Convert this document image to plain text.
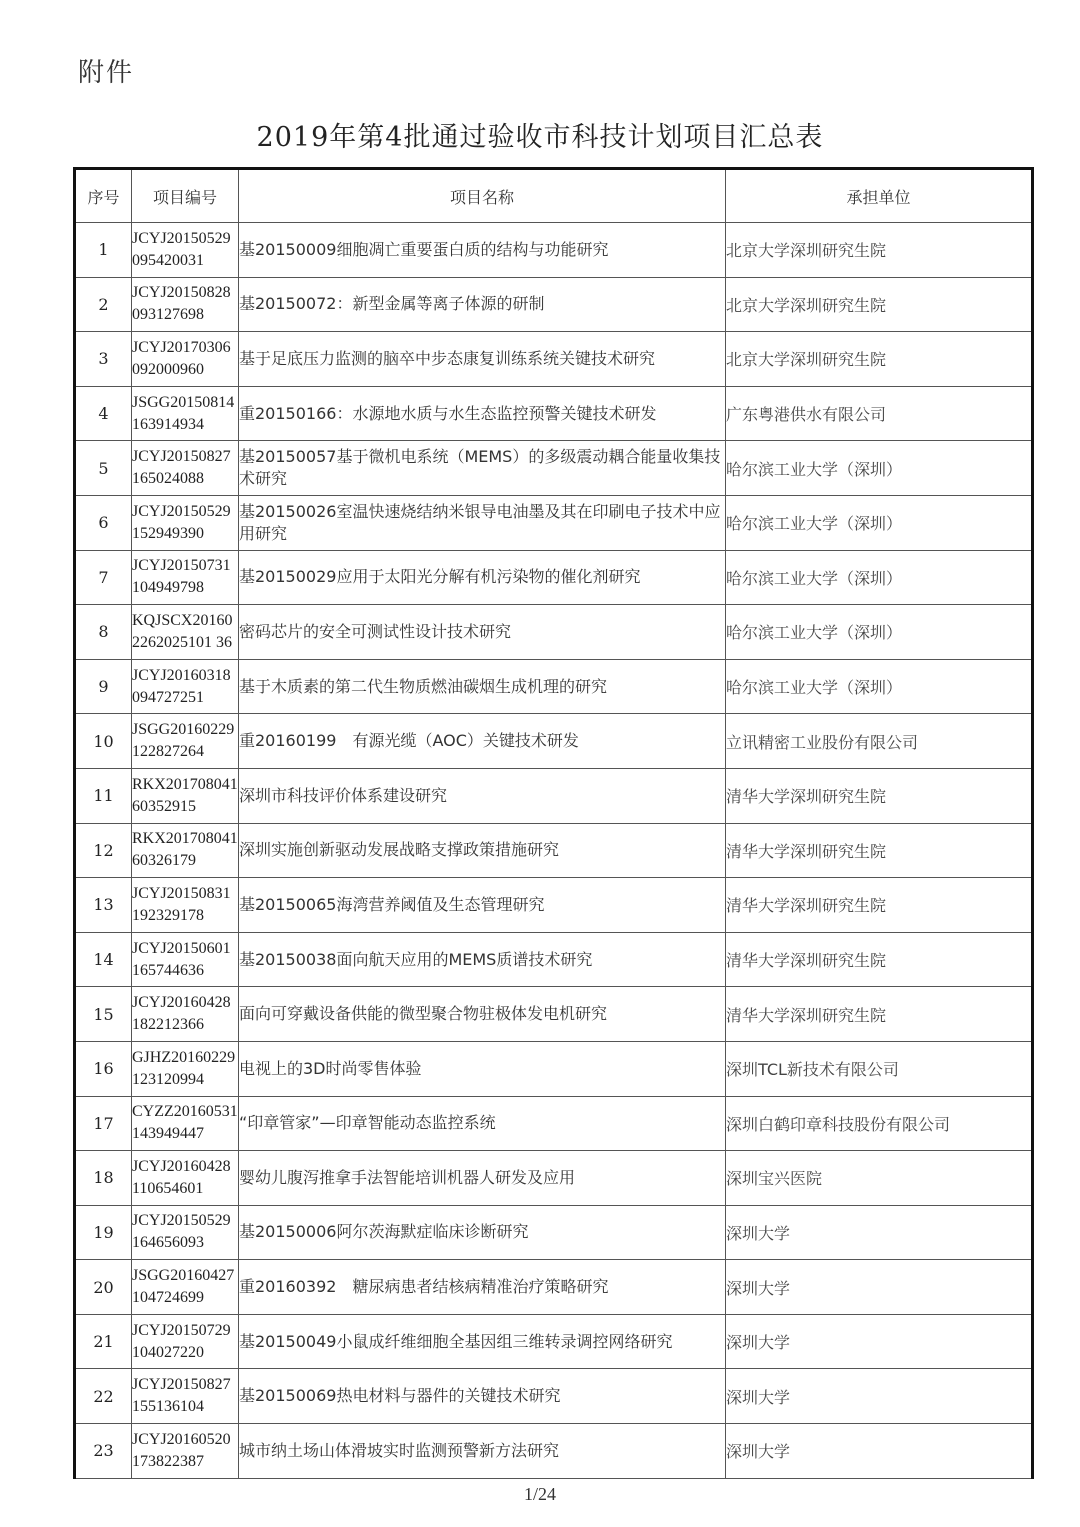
附件
2019年第4批通过验收市科技计划项目汇总表
序号	项目编号	项目名称	承担单位
1	JCYJ20150529095420031	基20150009细胞凋亡重要蛋白质的结构与功能研究	北京大学深圳研究生院
2	JCYJ20150828093127698	基20150072：新型金属等离子体源的研制	北京大学深圳研究生院
3	JCYJ20170306092000960	基于足底压力监测的脑卒中步态康复训练系统关键技术研究	北京大学深圳研究生院
4	JSGG20150814163914934	重20150166：水源地水质与水生态监控预警关键技术研发	广东粤港供水有限公司
5	JCYJ20150827165024088	基20150057基于微机电系统（MEMS）的多级震动耦合能量收集技术研究	哈尔滨工业大学（深圳）
6	JCYJ20150529152949390	基20150026室温快速烧结纳米银导电油墨及其在印刷电子技术中应用研究	哈尔滨工业大学（深圳）
7	JCYJ20150731104949798	基20150029应用于太阳光分解有机污染物的催化剂研究	哈尔滨工业大学（深圳）
8	KQJSCX201602262025101 36	密码芯片的安全可测试性设计技术研究	哈尔滨工业大学（深圳）
9	JCYJ20160318094727251	基于木质素的第二代生物质燃油碳烟生成机理的研究	哈尔滨工业大学（深圳）
10	JSGG20160229122827264	重20160199　有源光缆（AOC）关键技术研发	立讯精密工业股份有限公司
11	RKX20170804160352915	深圳市科技评价体系建设研究	清华大学深圳研究生院
12	RKX20170804160326179	深圳实施创新驱动发展战略支撑政策措施研究	清华大学深圳研究生院
13	JCYJ20150831192329178	基20150065海湾营养阈值及生态管理研究	清华大学深圳研究生院
14	JCYJ20150601165744636	基20150038面向航天应用的MEMS质谱技术研究	清华大学深圳研究生院
15	JCYJ20160428182212366	面向可穿戴设备供能的微型聚合物驻极体发电机研究	清华大学深圳研究生院
16	GJHZ20160229123120994	电视上的3D时尚零售体验	深圳TCL新技术有限公司
17	CYZZ20160531143949447	“印章管家”—印章智能动态监控系统	深圳白鹤印章科技股份有限公司
18	JCYJ20160428110654601	婴幼儿腹泻推拿手法智能培训机器人研发及应用	深圳宝兴医院
19	JCYJ20150529164656093	基20150006阿尔茨海默症临床诊断研究	深圳大学
20	JSGG20160427104724699	重20160392　糖尿病患者结核病精准治疗策略研究	深圳大学
21	JCYJ20150729104027220	基20150049小鼠成纤维细胞全基因组三维转录调控网络研究	深圳大学
22	JCYJ20150827155136104	基20150069热电材料与器件的关键技术研究	深圳大学
23	JCYJ20160520173822387	城市纳土场山体滑坡实时监测预警新方法研究	深圳大学
1/24
